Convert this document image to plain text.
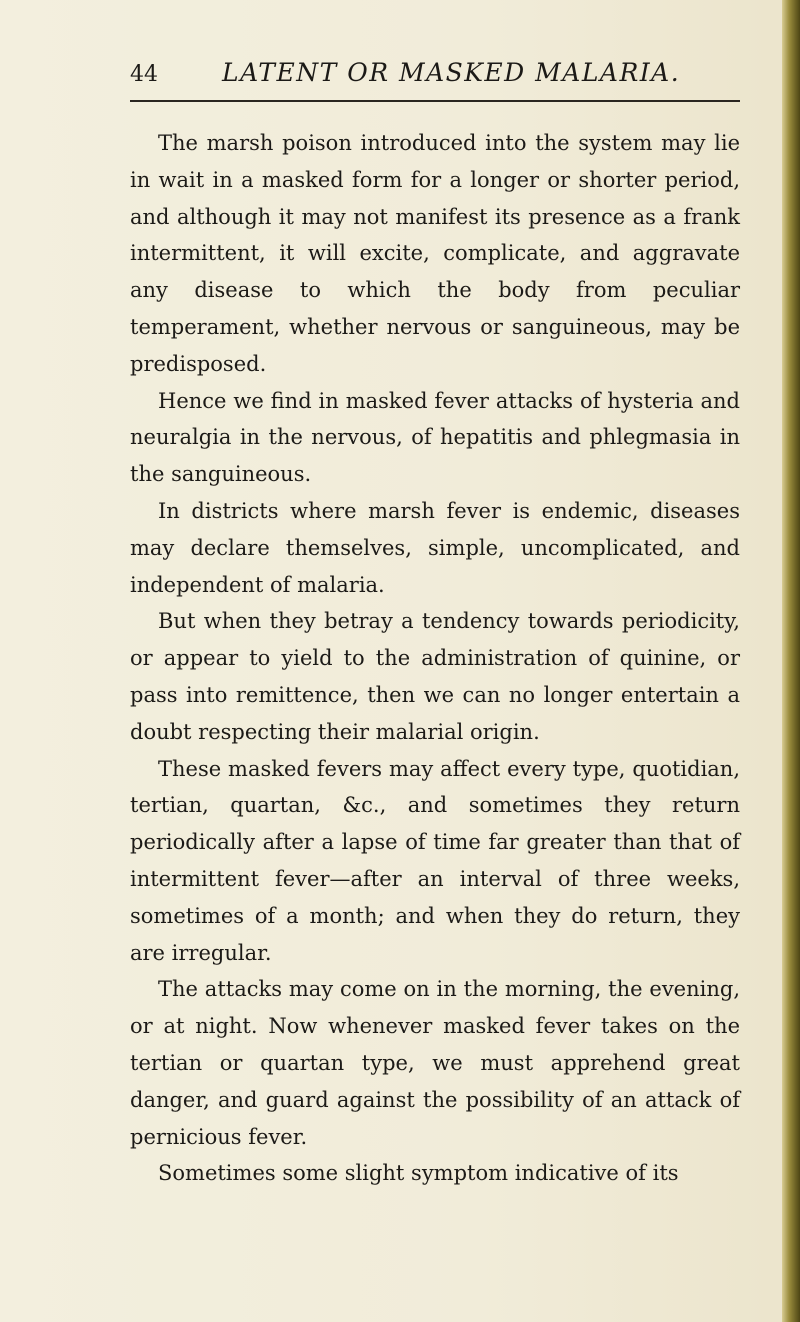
44	LATENT OR MASKED MALARIA.

The marsh poison introduced into the system may lie in wait in a masked form for a longer or shorter period, and although it may not manifest its presence as a frank intermittent, it will excite, complicate, and aggravate any disease to which the body from peculiar temperament, whether nervous or sanguineous, may be predisposed.

Hence we find in masked fever attacks of hysteria and neuralgia in the nervous, of hepatitis and phlegmasia in the sanguineous.

In districts where marsh fever is endemic, diseases may declare themselves, simple, uncomplicated, and independent of malaria.

But when they betray a tendency towards periodicity, or appear to yield to the administration of quinine, or pass into remittence, then we can no longer entertain a doubt respecting their malarial origin.

These masked fevers may affect every type, quotidian, tertian, quartan, &c., and sometimes they return periodically after a lapse of time far greater than that of intermittent fever—after an interval of three weeks, sometimes of a month; and when they do return, they are irregular.

The attacks may come on in the morning, the evening, or at night. Now whenever masked fever takes on the tertian or quartan type, we must apprehend great danger, and guard against the possibility of an attack of pernicious fever.

Sometimes some slight symptom indicative of its
